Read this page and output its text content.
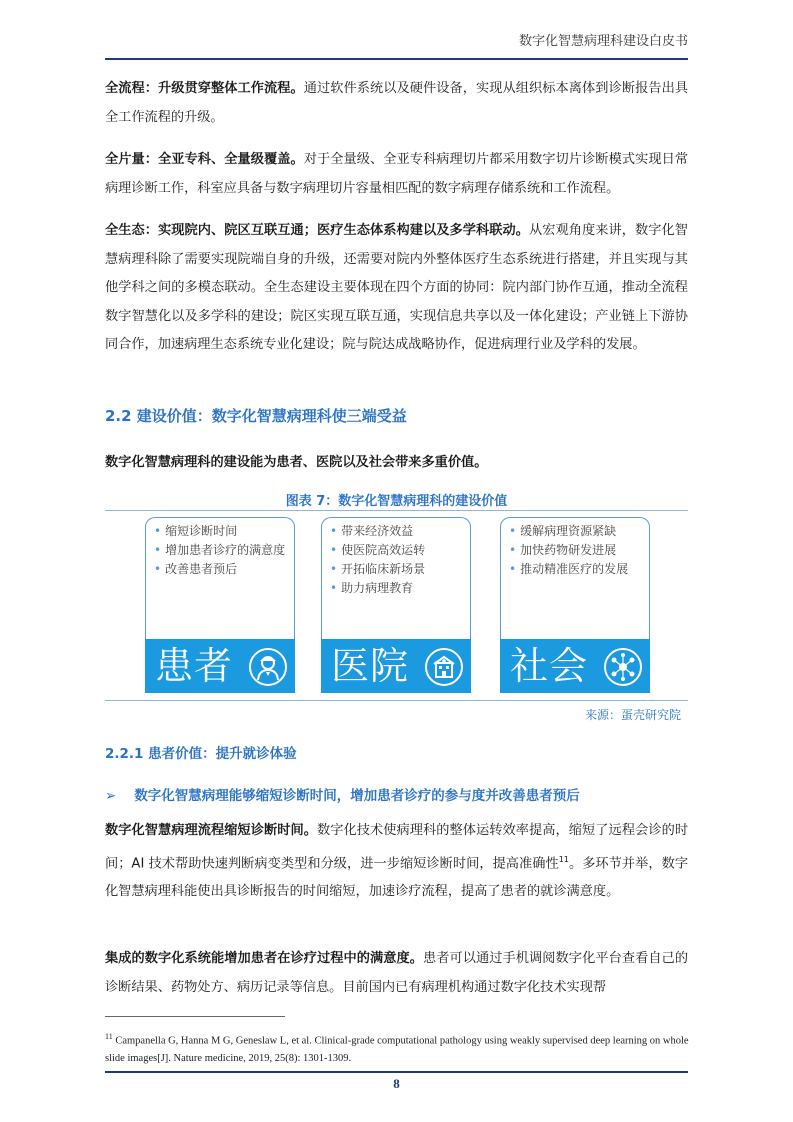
数字化智慧病理科建设白皮书
全流程：升级贯穿整体工作流程。通过软件系统以及硬件设备，实现从组织标本离体到诊断报告出具全工作流程的升级。
全片量：全亚专科、全量级覆盖。对于全量级、全亚专科病理切片都采用数字切片诊断模式实现日常病理诊断工作，科室应具备与数字病理切片容量相匹配的数字病理存储系统和工作流程。
全生态：实现院内、院区互联互通；医疗生态体系构建以及多学科联动。从宏观角度来讲，数字化智慧病理科除了需要实现院端自身的升级，还需要对院内外整体医疗生态系统进行搭建，并且实现与其他学科之间的多模态联动。全生态建设主要体现在四个方面的协同：院内部门协作互通，推动全流程数字智慧化以及多学科的建设；院区实现互联互通，实现信息共享以及一体化建设；产业链上下游协同合作，加速病理生态系统专业化建设；院与院达成战略协作，促进病理行业及学科的发展。
2.2 建设价值：数字化智慧病理科使三端受益
数字化智慧病理科的建设能为患者、医院以及社会带来多重价值。
图表 7：数字化智慧病理科的建设价值
• 缩短诊断时间
• 增加患者诊疗的满意度
• 改善患者预后
患者
• 带来经济效益
• 使医院高效运转
• 开拓临床新场景
• 助力病理教育
医院
• 缓解病理资源紧缺
• 加快药物研发进展
• 推动精准医疗的发展
社会
来源：蛋壳研究院
2.2.1 患者价值：提升就诊体验
➢ 数字化智慧病理能够缩短诊断时间，增加患者诊疗的参与度并改善患者预后
数字化智慧病理流程缩短诊断时间。数字化技术使病理科的整体运转效率提高，缩短了远程会诊的时间；AI 技术帮助快速判断病变类型和分级，进一步缩短诊断时间，提高准确性$^{11}$。多环节并举，数字化智慧病理科能使出具诊断报告的时间缩短，加速诊疗流程，提高了患者的就诊满意度。
集成的数字化系统能增加患者在诊疗过程中的满意度。患者可以通过手机调阅数字化平台查看自己的诊断结果、药物处方、病历记录等信息。目前国内已有病理机构通过数字化技术实现帮
$^{11}$ Campanella G, Hanna M G, Geneslaw L, et al. Clinical-grade computational pathology using weakly supervised deep learning on whole slide images[J]. Nature medicine, 2019, 25(8): 1301-1309.
8
